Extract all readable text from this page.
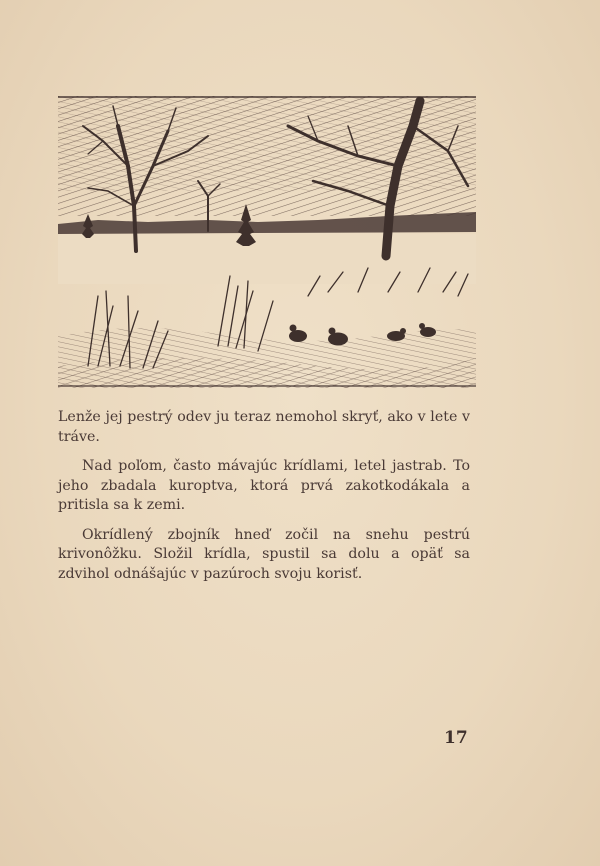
Lenže jej pestrý odev ju teraz nemohol skryť, ako v lete v tráve.

Nad poľom, často mávajúc krídlami, letel jastrab. To jeho zbadala kuroptva, ktorá prvá zakotkodákala a pritisla sa k zemi.

Okrídlený zbojník hneď zočil na snehu pestrú krivonôžku. Složil krídla, spustil sa dolu a opäť sa zdvihol odnášajúc v pazúroch svoju korisť.

17
